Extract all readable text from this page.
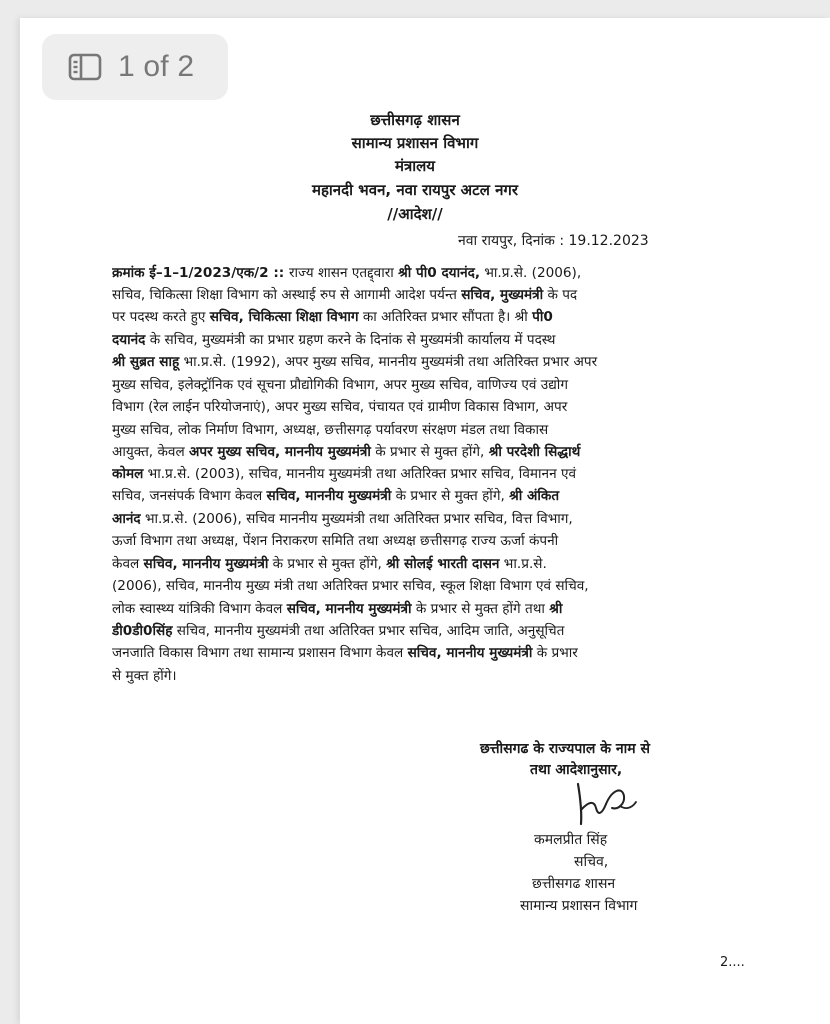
1 of 2
छत्तीसगढ़ शासन
सामान्य प्रशासन विभाग
मंत्रालय
महानदी भवन, नवा रायपुर अटल नगर
//आदेश//
नवा रायपुर, दिनांक : 19.12.2023
क्रमांक ई–1–1/2023/एक/2 :: राज्य शासन एतद्द्वारा श्री पी0 दयानंद, भा.प्र.से. (2006),
सचिव, चिकित्सा शिक्षा विभाग को अस्थाई रुप से आगामी आदेश पर्यन्त सचिव, मुख्यमंत्री के पद
पर पदस्थ करते हुए सचिव, चिकित्सा शिक्षा विभाग का अतिरिक्त प्रभार सौंपता है। श्री पी0
दयानंद के सचिव, मुख्यमंत्री का प्रभार ग्रहण करने के दिनांक से मुख्यमंत्री कार्यालय में पदस्थ
श्री सुब्रत साहू भा.प्र.से. (1992), अपर मुख्य सचिव, माननीय मुख्यमंत्री तथा अतिरिक्त प्रभार अपर
मुख्य सचिव, इलेक्ट्रॉनिक एवं सूचना प्रौद्योगिकी विभाग, अपर मुख्य सचिव, वाणिज्य एवं उद्योग
विभाग (रेल लाईन परियोजनाएं), अपर मुख्य सचिव, पंचायत एवं ग्रामीण विकास विभाग, अपर
मुख्य सचिव, लोक निर्माण विभाग, अध्यक्ष, छत्तीसगढ़ पर्यावरण संरक्षण मंडल तथा विकास
आयुक्त, केवल अपर मुख्य सचिव, माननीय मुख्यमंत्री के प्रभार से मुक्त होंगे, श्री परदेशी सिद्धार्थ
कोमल भा.प्र.से. (2003), सचिव, माननीय मुख्यमंत्री तथा अतिरिक्त प्रभार सचिव, विमानन एवं
सचिव, जनसंपर्क विभाग केवल सचिव, माननीय मुख्यमंत्री के प्रभार से मुक्त होंगे, श्री अंकित
आनंद भा.प्र.से. (2006), सचिव माननीय मुख्यमंत्री तथा अतिरिक्त प्रभार सचिव, वित्त विभाग,
ऊर्जा विभाग तथा अध्यक्ष, पेंशन निराकरण समिति तथा अध्यक्ष छत्तीसगढ़ राज्य ऊर्जा कंपनी
केवल सचिव, माननीय मुख्यमंत्री के प्रभार से मुक्त होंगे, श्री सोलई भारती दासन भा.प्र.से.
(2006), सचिव, माननीय मुख्य मंत्री तथा अतिरिक्त प्रभार सचिव, स्कूल शिक्षा विभाग एवं सचिव,
लोक स्वास्थ्य यांत्रिकी विभाग केवल सचिव, माननीय मुख्यमंत्री के प्रभार से मुक्त होंगे तथा श्री
डी0डी0सिंह सचिव, माननीय मुख्यमंत्री तथा अतिरिक्त प्रभार सचिव, आदिम जाति, अनुसूचित
जनजाति विकास विभाग तथा सामान्य प्रशासन विभाग केवल सचिव, माननीय मुख्यमंत्री के प्रभार
से मुक्त होंगे।
छत्तीसगढ के राज्यपाल के नाम से
तथा आदेशानुसार,
कमलप्रीत सिंह
सचिव,
छत्तीसगढ शासन
सामान्य प्रशासन विभाग
2....
